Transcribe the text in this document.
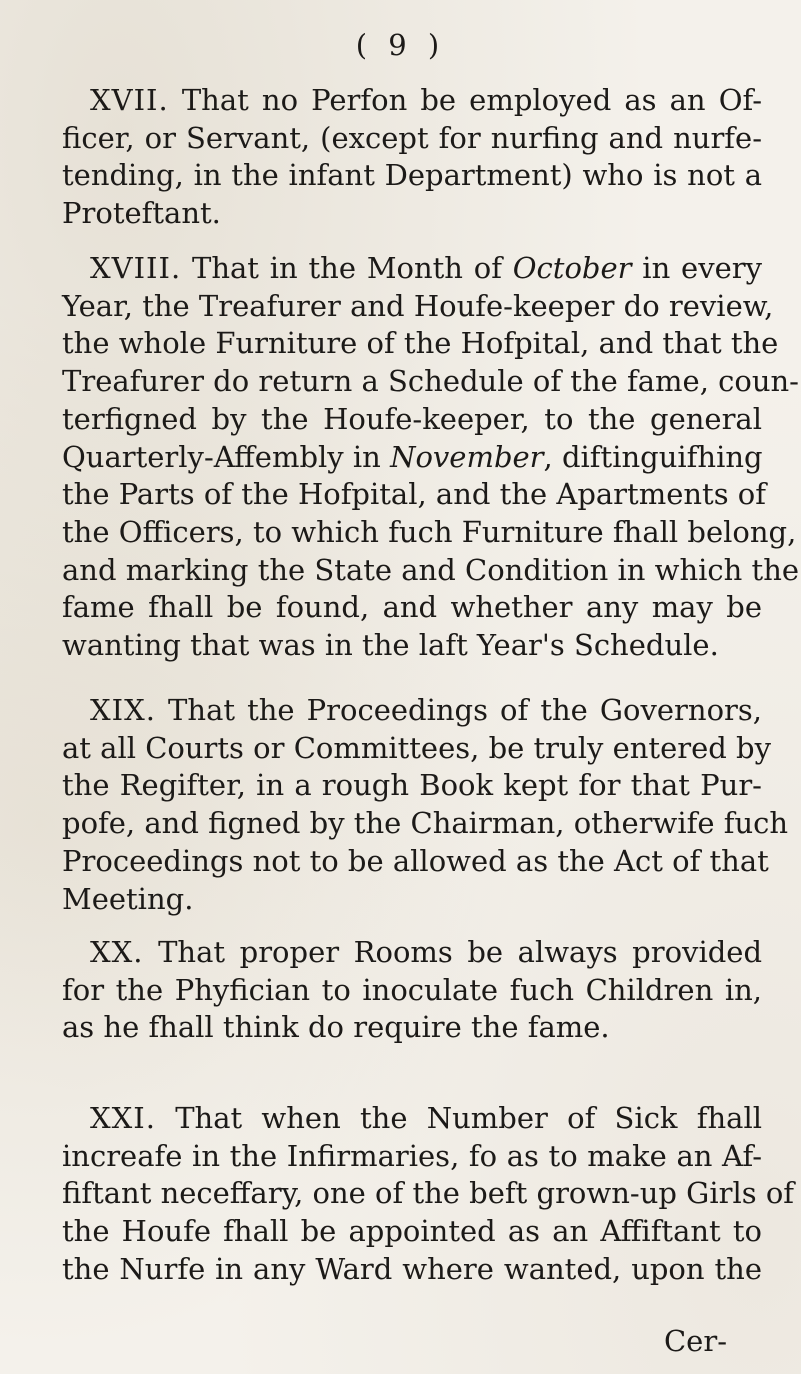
( 9 )
XVII. That no Perfon be employed as an Of-
ficer, or Servant, (except for nurfing and nurfe-
tending, in the infant Department) who is not a
Proteftant.
XVIII. That in the Month of October in every
Year, the Treafurer and Houfe-keeper do review,
the whole Furniture of the Hofpital, and that the
Treafurer do return a Schedule of the fame, coun-
terfigned by the Houfe-keeper, to the general
Quarterly-Affembly in November, diftinguifhing
the Parts of the Hofpital, and the Apartments of
the Officers, to which fuch Furniture fhall belong,
and marking the State and Condition in which the
fame fhall be found, and whether any may be
wanting that was in the laft Year's Schedule.
XIX. That the Proceedings of the Governors,
at all Courts or Committees, be truly entered by
the Regifter, in a rough Book kept for that Pur-
pofe, and figned by the Chairman, otherwife fuch
Proceedings not to be allowed as the Act of that
Meeting.
XX. That proper Rooms be always provided
for the Phyfician to inoculate fuch Children in,
as he fhall think do require the fame.
XXI. That when the Number of Sick fhall
increafe in the Infirmaries, fo as to make an Af-
fiftant neceffary, one of the beft grown-up Girls of
the Houfe fhall be appointed as an Affiftant to
the Nurfe in any Ward where wanted, upon the
Cer-
